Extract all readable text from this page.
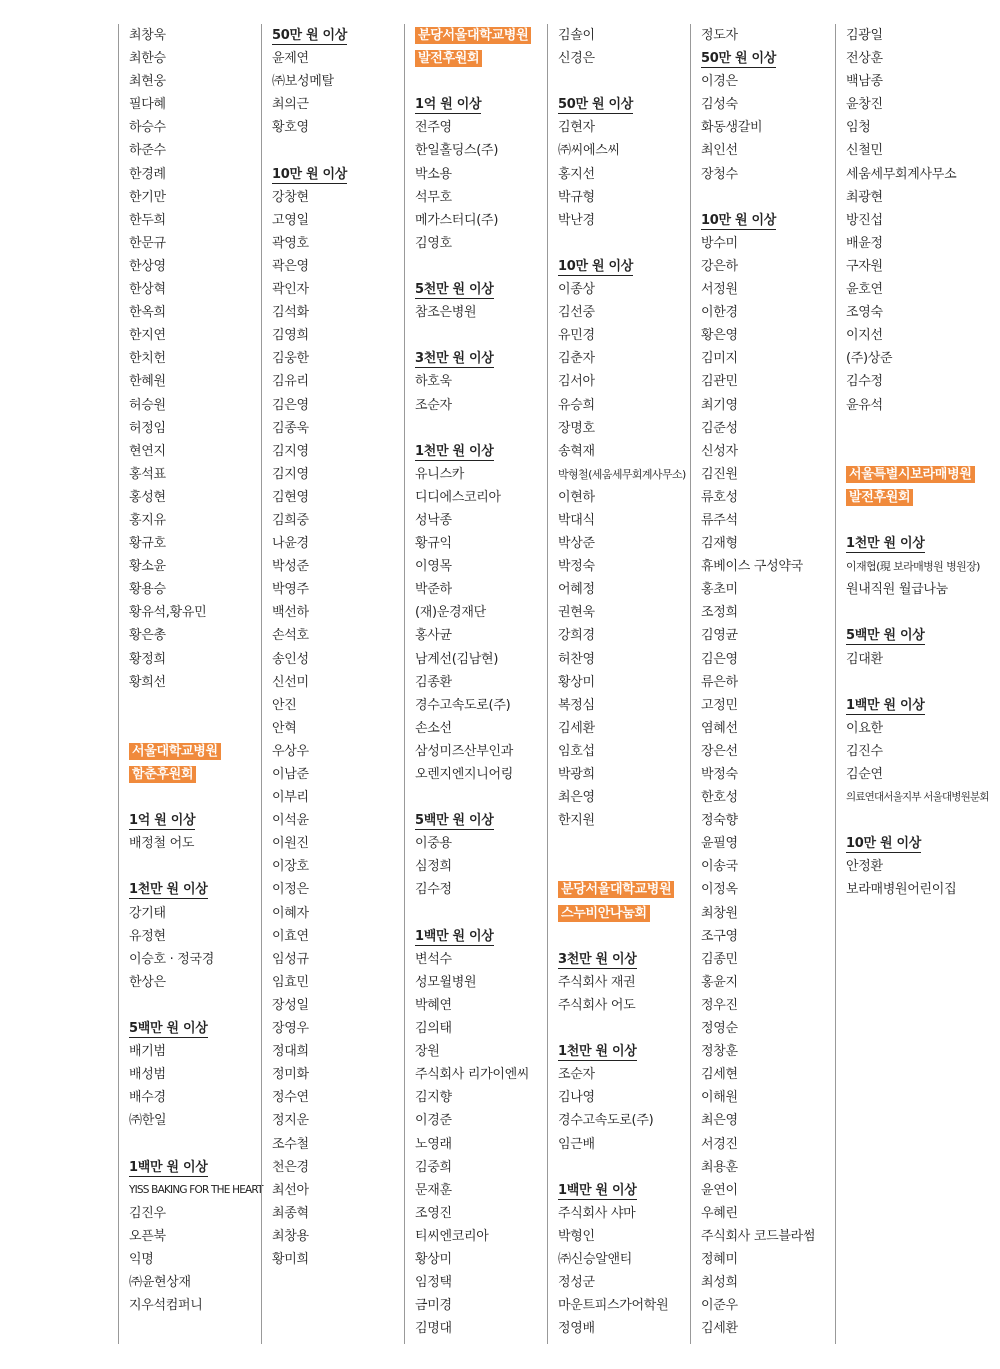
최창욱
최한승
최현웅
필다혜
하승수
하준수
한경례
한기만
한두희
한문규
한상영
한상혁
한옥희
한지연
한치헌
한혜원
허승원
허정임
현연지
홍석표
홍성현
홍지유
황규호
황소윤
황용승
황유석,황유민
황은총
황정희
황희선
서울대학교병원
함춘후원회
1억 원 이상
배정철 어도
1천만 원 이상
강기태
유정현
이승호 · 정국경
한상은
5백만 원 이상
배기범
배성범
배수경
㈜한일
1백만 원 이상
YISS BAKING FOR THE HEART
김진우
오픈북
익명
㈜윤현상재
지우석컴퍼니
50만 원 이상
윤제연
㈜보성메탈
최의근
황호영
10만 원 이상
강창현
고영일
곽영호
곽은영
곽인자
김석화
김영희
김웅한
김유리
김은영
김종욱
김지영
김지영
김현영
김희중
나윤경
박성준
박영주
백선하
손석호
송인성
신선미
안진
안혁
우상우
이남준
이부리
이석윤
이원진
이장호
이정은
이혜자
이효연
임성규
임효민
장성일
장영우
정대희
정미화
정수연
정지운
조수철
천은경
최선아
최종혁
최창용
황미희
분당서울대학교병원
발전후원회
1억 원 이상
전주영
한일홀딩스(주)
박소용
석무호
메가스터디(주)
김영호
5천만 원 이상
참조은병원
3천만 원 이상
하호욱
조순자
1천만 원 이상
유니스카
디디에스코리아
성낙종
황규익
이영목
박준하
(재)운경재단
홍사균
남계선(김남현)
김종환
경수고속도로(주)
손소선
삼성미즈산부인과
오렌지엔지니어링
5백만 원 이상
이중용
심정희
김수정
1백만 원 이상
변석수
성모윌병원
박혜연
김의태
장원
주식회사 리가이엔씨
김지향
이경준
노영래
김중희
문재훈
조영진
티씨엔코리아
황상미
임정택
금미경
김명대
김솔이
신경은
50만 원 이상
김현자
㈜씨에스씨
홍지선
박규형
박난경
10만 원 이상
이종상
김선중
유민경
김춘자
김서아
유승희
장명호
송혁재
박형철(세움세무회계사무소)
이현하
박대식
박상준
박정숙
어혜정
권현욱
강희경
허찬영
황상미
복정심
김세환
임호섭
박광희
최은영
한지원
분당서울대학교병원
스누비안나눔회
3천만 원 이상
주식회사 재권
주식회사 어도
1천만 원 이상
조순자
김나영
경수고속도로(주)
임근배
1백만 원 이상
주식회사 샤마
박형인
㈜신승알앤티
정성군
마운트피스가어학원
정영배
정도자
50만 원 이상
이경은
김성숙
화동생갈비
최인선
장청수
10만 원 이상
방수미
강은하
서정원
이한경
황은영
김미지
김관민
최기영
김준성
신성자
김진원
류호성
류주석
김재형
휴베이스 구성약국
홍초미
조정희
김영균
김은영
류은하
고정민
염혜선
장은선
박정숙
한호성
정숙향
윤필영
이송국
이정옥
최창원
조구영
김종민
홍윤지
정우진
정영순
정창훈
김세현
이해원
최은영
서경진
최용훈
윤연이
우혜린
주식회사 코드블라썸
정혜미
최성희
이준우
김세환
김광일
전상훈
백남종
윤창진
임청
신철민
세움세무회계사무소
최광현
방진섭
배윤정
구자원
윤호연
조영숙
이지선
(주)상준
김수정
윤유석
서울특별시보라매병원
발전후원회
1천만 원 이상
이재협(現 보라매병원 병원장)
원내직원 월급나눔
5백만 원 이상
김대환
1백만 원 이상
이요한
김진수
김순연
의료연대서울지부 서울대병원분회
10만 원 이상
안정환
보라매병원어린이집
